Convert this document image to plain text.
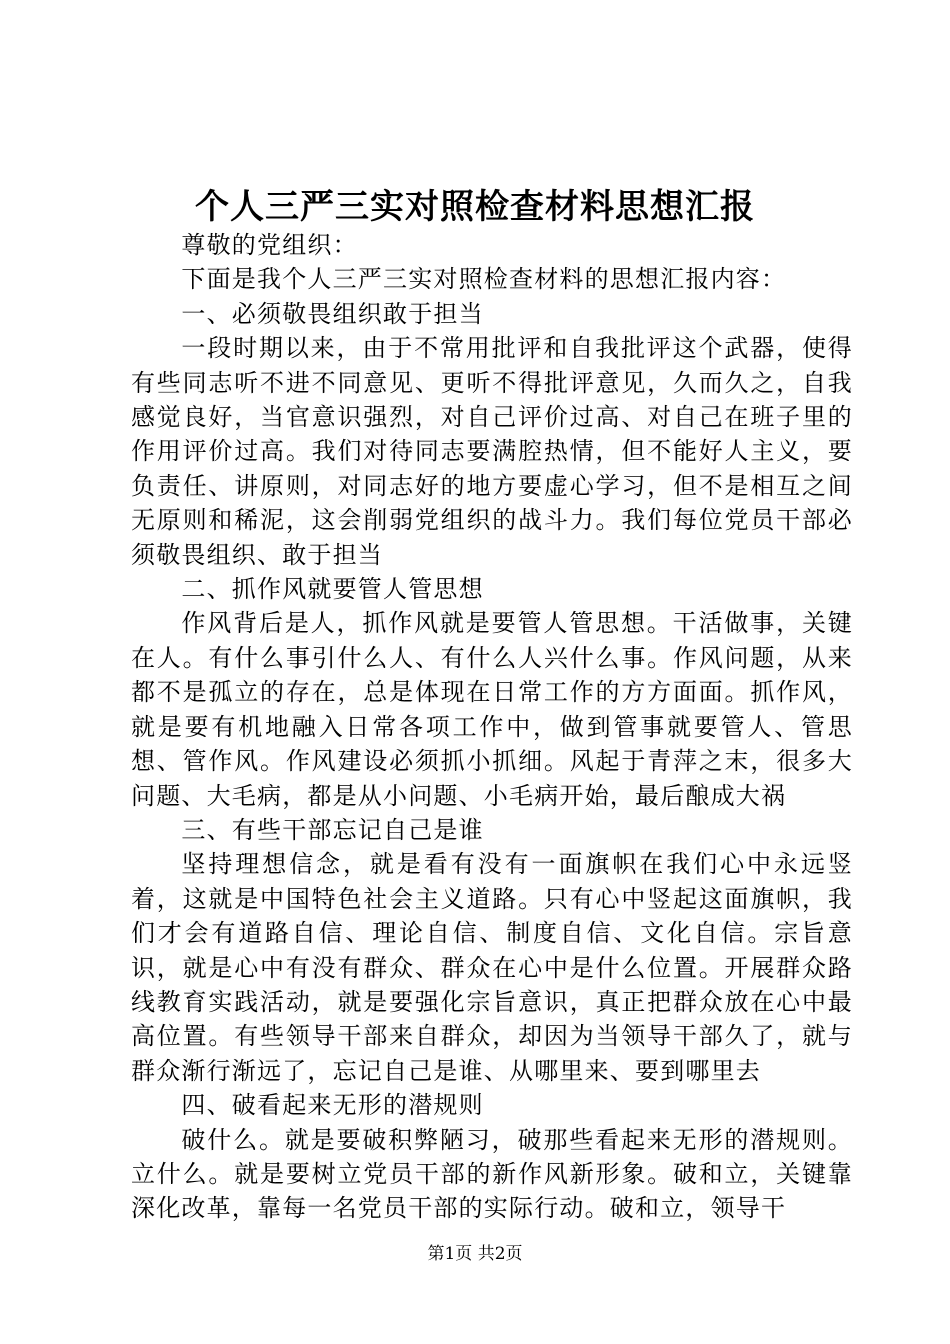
个人三严三实对照检查材料思想汇报

尊敬的党组织：

下面是我个人三严三实对照检查材料的思想汇报内容：

一、必须敬畏组织敢于担当

一段时期以来，由于不常用批评和自我批评这个武器，使得有些同志听不进不同意见、更听不得批评意见，久而久之，自我感觉良好，当官意识强烈，对自己评价过高、对自己在班子里的作用评价过高。我们对待同志要满腔热情，但不能好人主义，要负责任、讲原则，对同志好的地方要虚心学习，但不是相互之间无原则和稀泥，这会削弱党组织的战斗力。我们每位党员干部必须敬畏组织、敢于担当

二、抓作风就要管人管思想

作风背后是人，抓作风就是要管人管思想。干活做事，关键在人。有什么事引什么人、有什么人兴什么事。作风问题，从来都不是孤立的存在，总是体现在日常工作的方方面面。抓作风，就是要有机地融入日常各项工作中，做到管事就要管人、管思想、管作风。作风建设必须抓小抓细。风起于青萍之末，很多大问题、大毛病，都是从小问题、小毛病开始，最后酿成大祸

三、有些干部忘记自己是谁

坚持理想信念，就是看有没有一面旗帜在我们心中永远竖着，这就是中国特色社会主义道路。只有心中竖起这面旗帜，我们才会有道路自信、理论自信、制度自信、文化自信。宗旨意识，就是心中有没有群众、群众在心中是什么位置。开展群众路线教育实践活动，就是要强化宗旨意识，真正把群众放在心中最高位置。有些领导干部来自群众，却因为当领导干部久了，就与群众渐行渐远了，忘记自己是谁、从哪里来、要到哪里去

四、破看起来无形的潜规则

破什么。就是要破积弊陋习，破那些看起来无形的潜规则。立什么。就是要树立党员干部的新作风新形象。破和立，关键靠深化改革，靠每一名党员干部的实际行动。破和立，领导干

第1页 共2页
